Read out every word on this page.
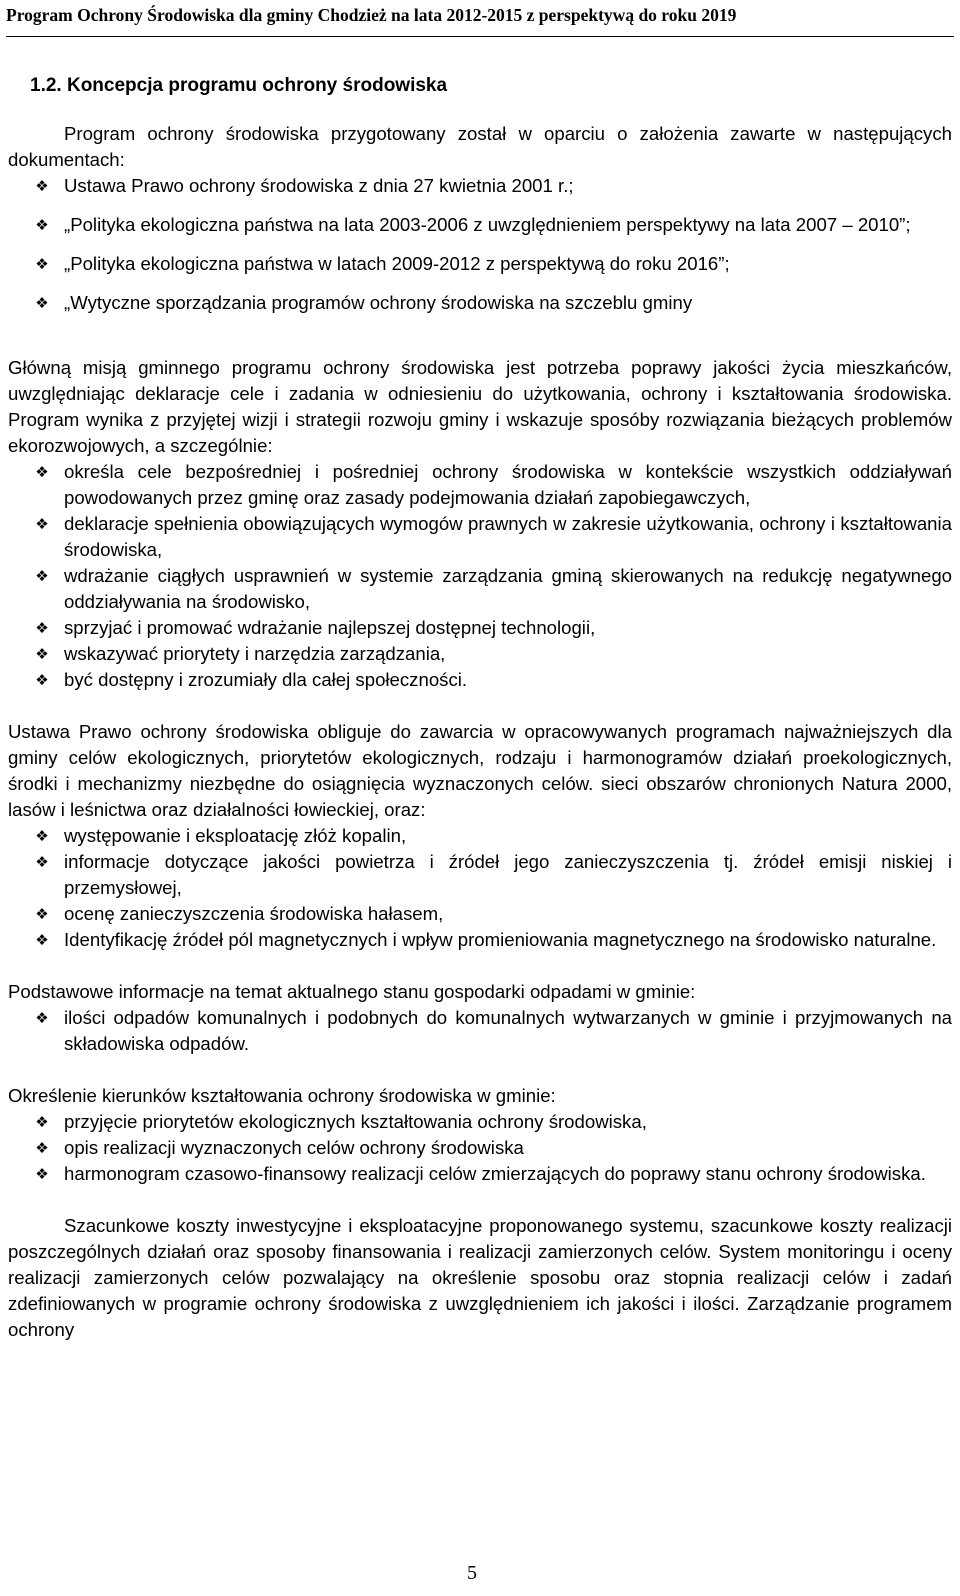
Program Ochrony Środowiska dla gminy Chodzież na lata 2012-2015 z perspektywą do roku 2019
1.2. Koncepcja programu ochrony środowiska

Program ochrony środowiska przygotowany został w oparciu o założenia zawarte w następujących dokumentach:

❖ Ustawa Prawo ochrony środowiska z dnia 27 kwietnia 2001 r.;
❖ „Polityka ekologiczna państwa na lata 2003-2006 z uwzględnieniem perspektywy na lata 2007 – 2010”;
❖ „Polityka ekologiczna państwa w latach 2009-2012 z perspektywą do roku 2016”;
❖ „Wytyczne sporządzania programów ochrony środowiska na szczeblu gminy

Główną misją gminnego programu ochrony środowiska jest potrzeba poprawy jakości życia mieszkańców, uwzględniając deklaracje cele i zadania w odniesieniu do użytkowania, ochrony i kształtowania środowiska. Program wynika z przyjętej wizji i strategii rozwoju gminy i wskazuje sposóby rozwiązania bieżących problemów ekorozwojowych, a szczególnie:

❖ określa cele bezpośredniej i pośredniej ochrony środowiska w kontekście wszystkich oddziaływań powodowanych przez gminę oraz zasady podejmowania działań zapobiegawczych,
❖ deklaracje spełnienia obowiązujących wymogów prawnych w zakresie użytkowania, ochrony i kształtowania środowiska,
❖ wdrażanie ciągłych usprawnień w systemie zarządzania gminą skierowanych na redukcję negatywnego oddziaływania na środowisko,
❖ sprzyjać i promować wdrażanie najlepszej dostępnej technologii,
❖ wskazywać priorytety i narzędzia zarządzania,
❖ być dostępny i zrozumiały dla całej społeczności.

Ustawa Prawo ochrony środowiska obliguje do zawarcia w opracowywanych programach najważniejszych dla gminy celów ekologicznych, priorytetów ekologicznych, rodzaju i harmonogramów działań proekologicznych, środki i mechanizmy niezbędne do osiągnięcia wyznaczonych celów. sieci obszarów chronionych Natura 2000, lasów i leśnictwa oraz działalności łowieckiej, oraz:

❖ występowanie i eksploatację złóż kopalin,
❖ informacje dotyczące jakości powietrza i źródeł jego zanieczyszczenia tj. źródeł emisji niskiej i przemysłowej,
❖ ocenę zanieczyszczenia środowiska hałasem,
❖ Identyfikację źródeł pól magnetycznych i wpływ promieniowania magnetycznego na środowisko naturalne.

Podstawowe informacje na temat aktualnego stanu gospodarki odpadami w gminie:

❖ ilości odpadów komunalnych i podobnych do komunalnych wytwarzanych w gminie i przyjmowanych na składowiska odpadów.

Określenie kierunków kształtowania ochrony środowiska w gminie:

❖ przyjęcie priorytetów ekologicznych kształtowania ochrony środowiska,
❖ opis realizacji wyznaczonych celów ochrony środowiska
❖ harmonogram czasowo-finansowy realizacji celów zmierzających do poprawy stanu ochrony środowiska.

Szacunkowe koszty inwestycyjne i eksploatacyjne proponowanego systemu, szacunkowe koszty realizacji poszczególnych działań oraz sposoby finansowania i realizacji zamierzonych celów. System monitoringu i oceny realizacji zamierzonych celów pozwalający na określenie sposobu oraz stopnia realizacji celów i zadań zdefiniowanych w programie ochrony środowiska z uwzględnieniem ich jakości i ilości. Zarządzanie programem ochrony

5
